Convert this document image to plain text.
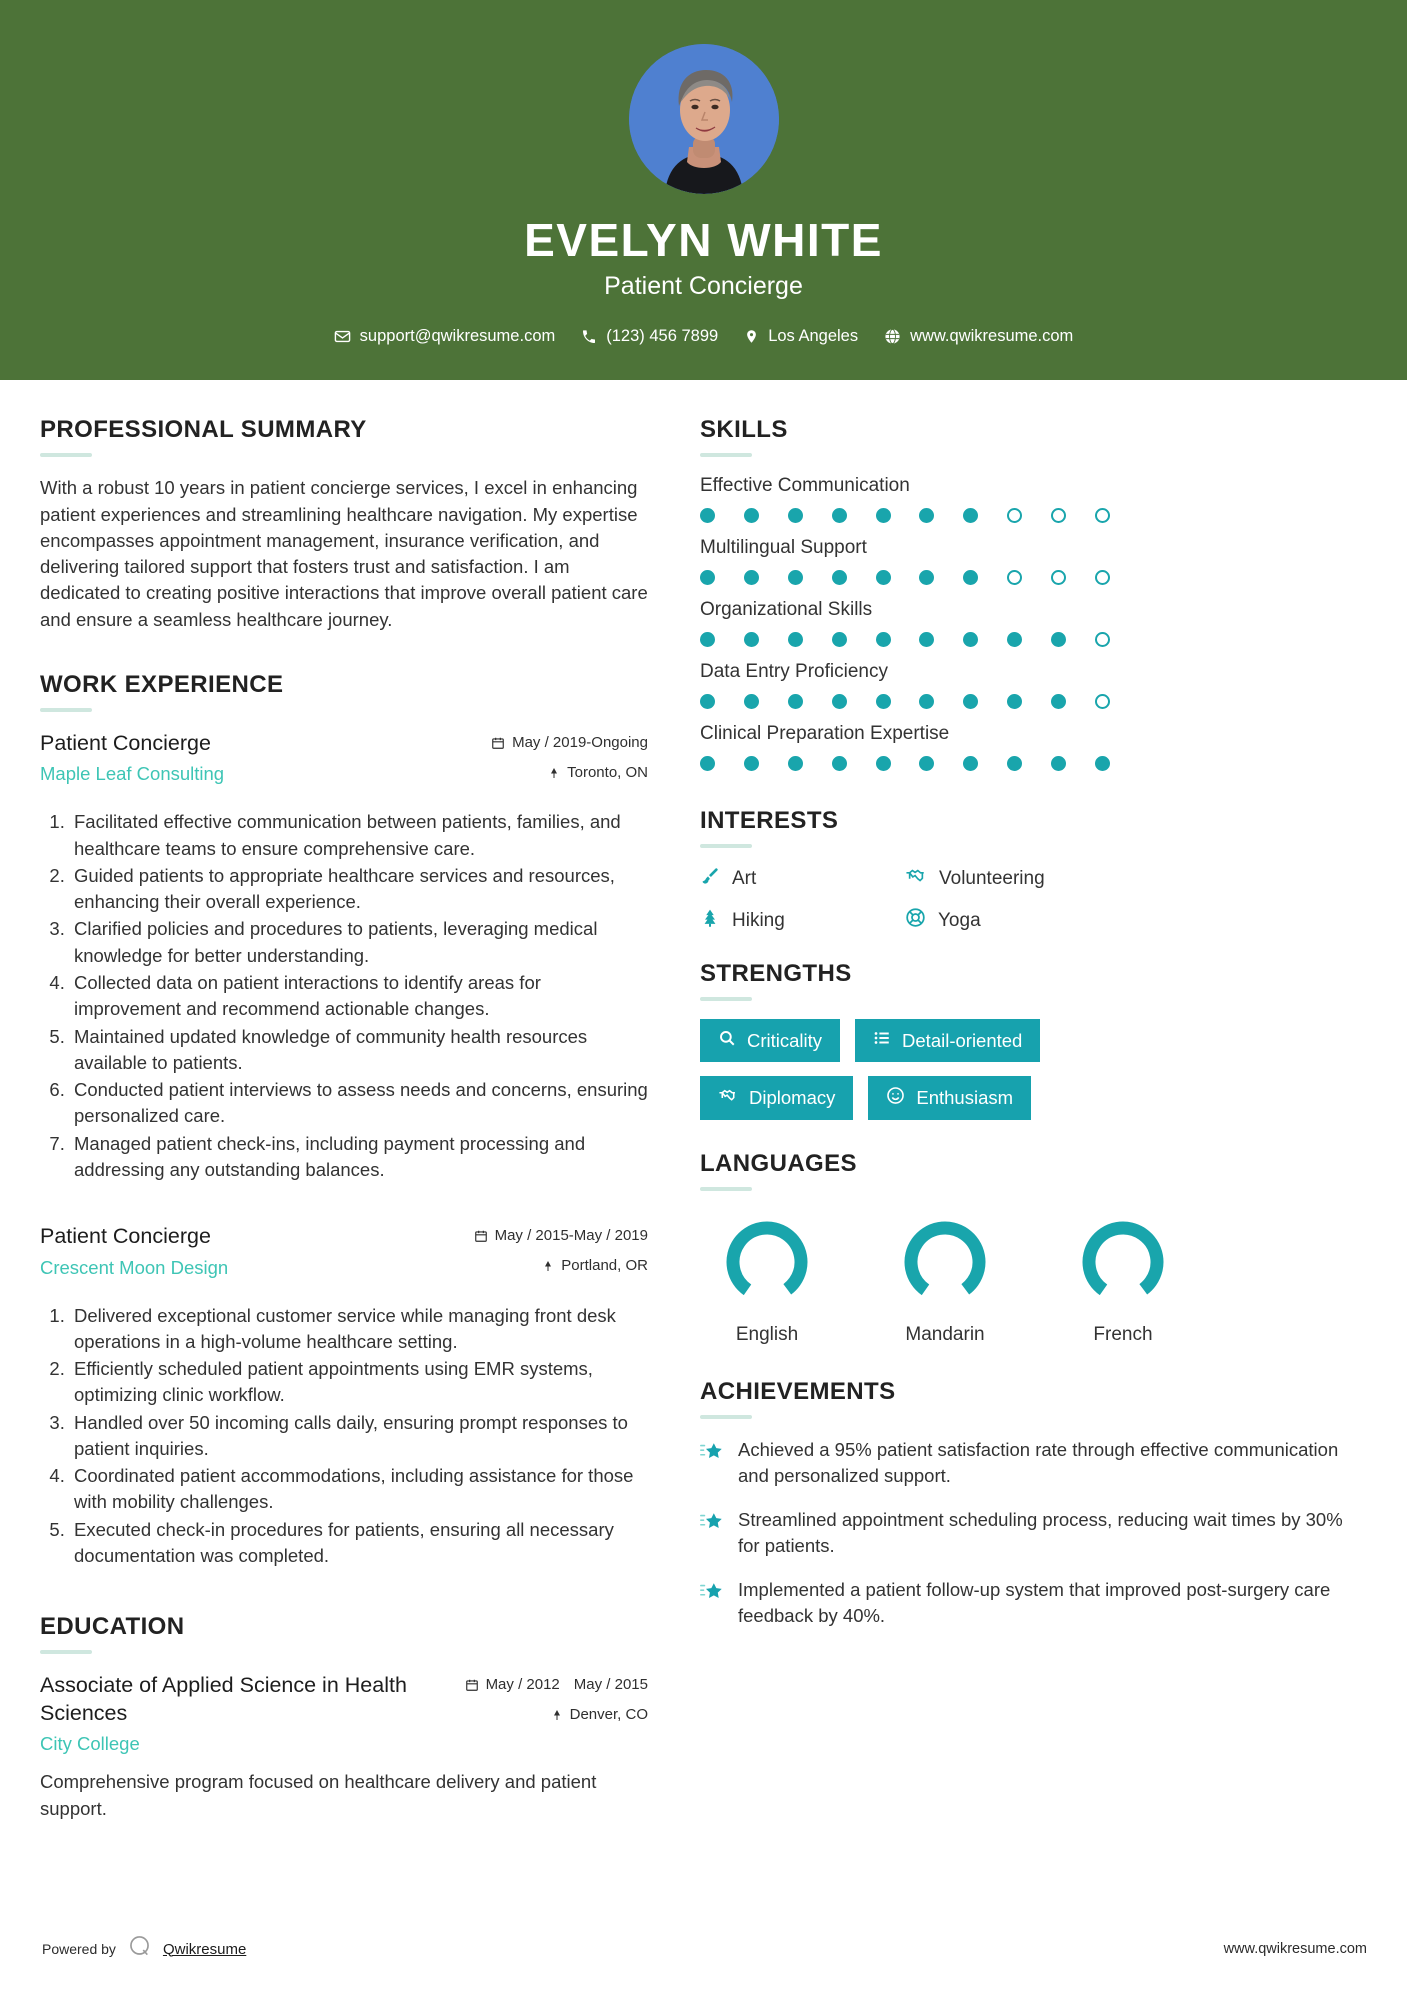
EVELYN WHITE
Patient Concierge
support@qwikresume.com	(123) 456 7899	Los Angeles	www.qwikresume.com
PROFESSIONAL SUMMARY
With a robust 10 years in patient concierge services, I excel in enhancing patient experiences and streamlining healthcare navigation. My expertise encompasses appointment management, insurance verification, and delivering tailored support that fosters trust and satisfaction. I am dedicated to creating positive interactions that improve overall patient care and ensure a seamless healthcare journey.
WORK EXPERIENCE
Patient Concierge
Maple Leaf Consulting
May / 2019-Ongoing
Toronto, ON
1. Facilitated effective communication between patients, families, and healthcare teams to ensure comprehensive care.
2. Guided patients to appropriate healthcare services and resources, enhancing their overall experience.
3. Clarified policies and procedures to patients, leveraging medical knowledge for better understanding.
4. Collected data on patient interactions to identify areas for improvement and recommend actionable changes.
5. Maintained updated knowledge of community health resources available to patients.
6. Conducted patient interviews to assess needs and concerns, ensuring personalized care.
7. Managed patient check-ins, including payment processing and addressing any outstanding balances.
Patient Concierge
Crescent Moon Design
May / 2015-May / 2019
Portland, OR
1. Delivered exceptional customer service while managing front desk operations in a high-volume healthcare setting.
2. Efficiently scheduled patient appointments using EMR systems, optimizing clinic workflow.
3. Handled over 50 incoming calls daily, ensuring prompt responses to patient inquiries.
4. Coordinated patient accommodations, including assistance for those with mobility challenges.
5. Executed check-in procedures for patients, ensuring all necessary documentation was completed.
EDUCATION
Associate of Applied Science in Health Sciences
City College
May / 2012 May / 2015
Denver, CO
Comprehensive program focused on healthcare delivery and patient support.
SKILLS
Effective Communication
Multilingual Support
Organizational Skills
Data Entry Proficiency
Clinical Preparation Expertise
INTERESTS
Art	Volunteering
Hiking	Yoga
STRENGTHS
Criticality	Detail-oriented
Diplomacy	Enthusiasm
LANGUAGES
English	Mandarin	French
ACHIEVEMENTS
Achieved a 95% patient satisfaction rate through effective communication and personalized support.
Streamlined appointment scheduling process, reducing wait times by 30% for patients.
Implemented a patient follow-up system that improved post-surgery care feedback by 40%.
Powered by	Qwikresume	www.qwikresume.com
